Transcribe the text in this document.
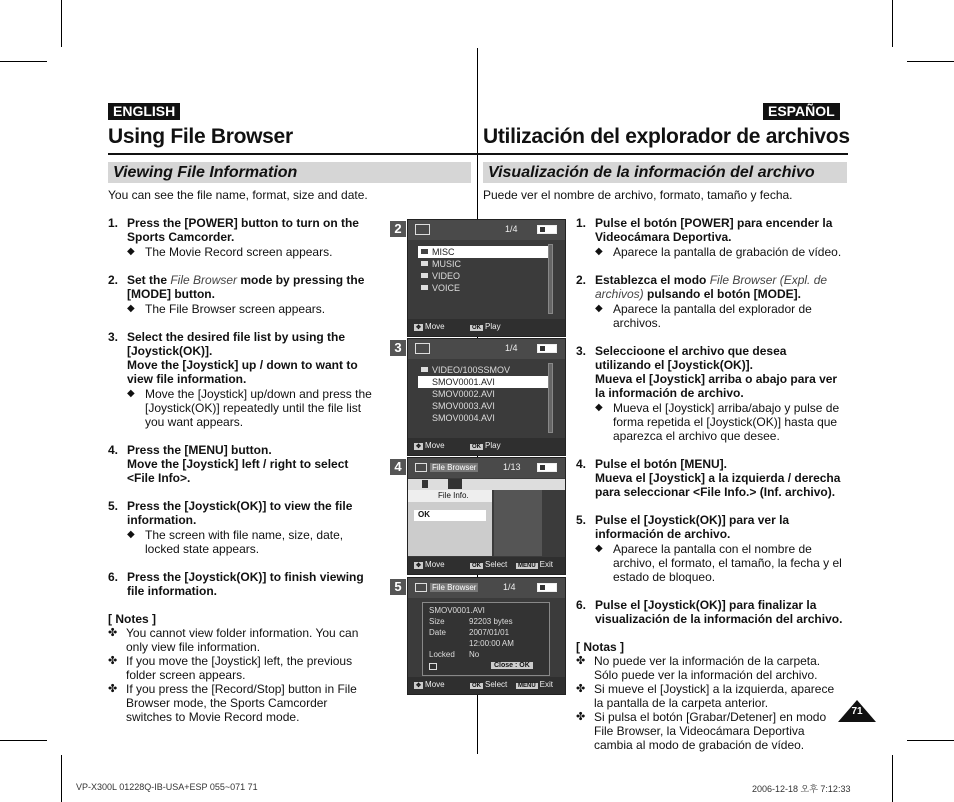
ENGLISH	ESPAÑOL
Using File Browser	Utilización del explorador de archivos
Viewing File Information	Visualización de la información del archivo
You can see the file name, format, size and date.	Puede ver el nombre de archivo, formato, tamaño y fecha.
1. Press the [POWER] button to turn on the Sports Camcorder.
◆ The Movie Record screen appears.
2. Set the File Browser mode by pressing the [MODE] button.
◆ The File Browser screen appears.
3. Select the desired file list by using the [Joystick(OK)].
Move the [Joystick] up / down to want to view file information.
◆ Move the [Joystick] up/down and press the [Joystick(OK)] repeatedly until the file list you want appears.
4. Press the [MENU] button.
Move the [Joystick] left / right to select <File Info>.
5. Press the [Joystick(OK)] to view the file information.
◆ The screen with file name, size, date, locked state appears.
6. Press the [Joystick(OK)] to finish viewing file information.
[ Notes ]
✤ You cannot view folder information. You can only view file information.
✤ If you move the [Joystick] left, the previous folder screen appears.
✤ If you press the [Record/Stop] button in File Browser mode, the Sports Camcorder switches to Movie Record mode.
1. Pulse el botón [POWER] para encender la Videocámara Deportiva.
◆ Aparece la pantalla de grabación de vídeo.
2. Establezca el modo File Browser (Expl. de archivos) pulsando el botón [MODE].
◆ Aparece la pantalla del explorador de archivos.
3. Seleccioone el archivo que desea utilizando el [Joystick(OK)].
Mueva el [Joystick] arriba o abajo para ver la información de archivo.
◆ Mueva el [Joystick] arriba/abajo y pulse de forma repetida el [Joystick(OK)] hasta que aparezca el archivo que desee.
4. Pulse el botón [MENU].
Mueva el [Joystick] a la izquierda / derecha para seleccionar <File Info.> (Inf. archivo).
5. Pulse el [Joystick(OK)] para ver la información de archivo.
◆ Aparece la pantalla con el nombre de archivo, el formato, el tamaño, la fecha y el estado de bloqueo.
6. Pulse el [Joystick(OK)] para finalizar la visualización de la información del archivo.
[ Notas ]
✤ No puede ver la información de la carpeta. Sólo puede ver la información del archivo.
✤ Si mueve el [Joystick] a la izquierda, aparece la pantalla de la carpeta anterior.
✤ Si pulsa el botón [Grabar/Detener] en modo File Browser, la Videocámara Deportiva cambia al modo de grabación de vídeo.
2	1/4
MISC
MUSIC
VIDEO
VOICE
✥ Move	OK Play
3	1/4
VIDEO/100SSMOV
SMOV0001.AVI
SMOV0002.AVI
SMOV0003.AVI
SMOV0004.AVI
✥ Move	OK Play
4	File Browser	1/13
File Info.
OK
✥ Move	OK Select	MENU Exit
5	File Browser	1/4
SMOV0001.AVI
Size	92203 bytes
Date	2007/01/01
12:00:00 AM
Locked No
Close : OK
✥ Move	OK Select	MENU Exit
71
VP-X300L 01228Q-IB-USA+ESP 055~071 71	2006-12-18 오후 7:12:33
